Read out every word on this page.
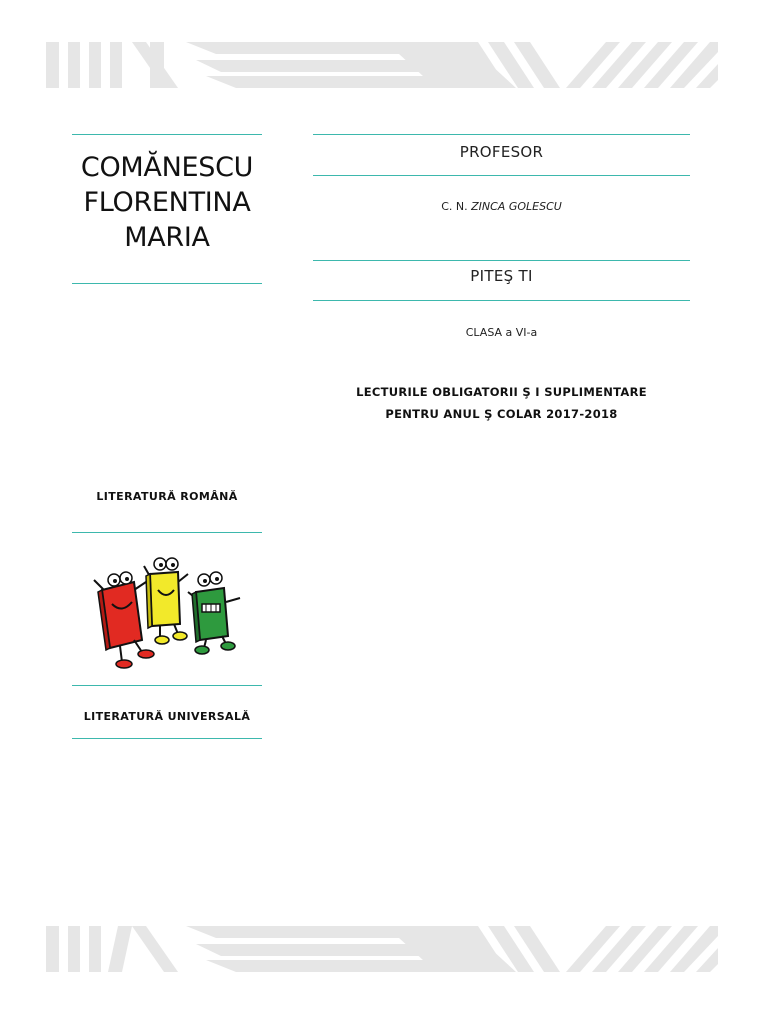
COMĂNESCU
FLORENTINA
MARIA
LITERATURĂ ROMÂNĂ
LITERATURĂ UNIVERSALĂ
PROFESOR
C. N. ZINCA GOLESCU
PITEŞ TI
CLASA a VI-a
LECTURILE OBLIGATORII Ş I SUPLIMENTARE
PENTRU ANUL Ş COLAR 2017-2018
